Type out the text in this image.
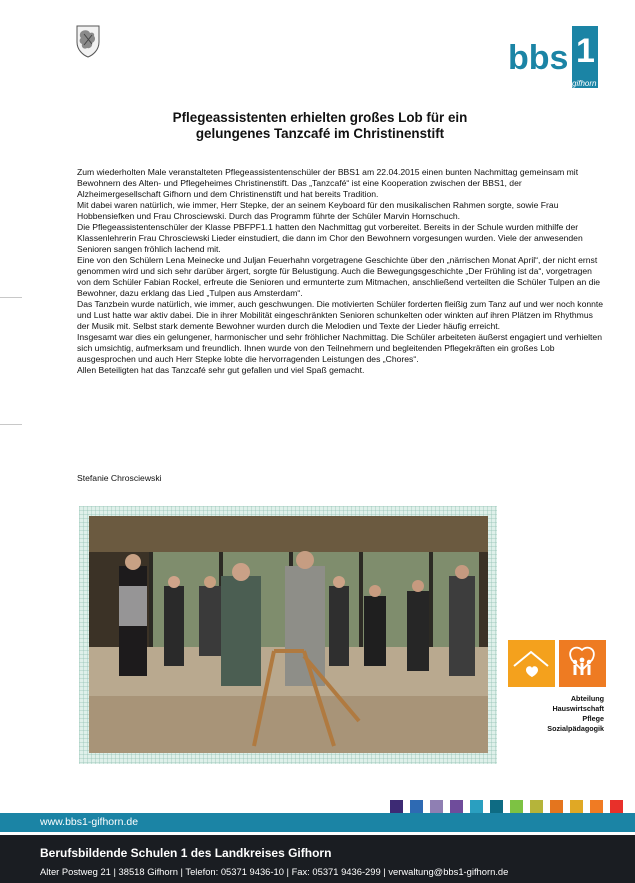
bbs 1
gifhorn
Pflegeassistenten erhielten großes Lob für ein
gelungenes Tanzcafé im Christinenstift

Zum wiederholten Male veranstalteten Pflegeassistentenschüler der BBS1 am 22.04.2015 einen bunten Nachmittag gemeinsam mit Bewohnern des Alten- und Pflegeheimes Christinenstift. Das „Tanzcafé“ ist eine Kooperation zwischen der BBS1, der Alzheimergesellschaft Gifhorn und dem Christinenstift und hat bereits Tradition.

Mit dabei waren natürlich, wie immer, Herr Stepke, der an seinem Keyboard für den musikalischen Rahmen sorgte, sowie Frau Hobbensiefken und Frau Chrosciewski. Durch das Programm führte der Schüler Marvin Hornschuch.

Die Pflegeassistentenschüler der Klasse PBFPF1.1 hatten den Nachmittag gut vorbereitet. Bereits in der Schule wurden mithilfe der Klassenlehrerin Frau Chrosciewski Lieder einstudiert, die dann im Chor den Bewohnern vorgesungen wurden. Viele der anwesenden Senioren sangen fröhlich lachend mit.

Eine von den Schülern Lena Meinecke und Juljan Feuerhahn vorgetragene Geschichte über den „närrischen Monat April“, der nicht ernst genommen wird und sich sehr darüber ärgert, sorgte für Belustigung. Auch die Bewegungsgeschichte „Der Frühling ist da“, vorgetragen von dem Schüler Fabian Rockel, erfreute die Senioren und ermunterte zum Mitmachen, anschließend verteilten die Schüler Tulpen an die Bewohner, dazu erklang das Lied „Tulpen aus Amsterdam“.

Das Tanzbein wurde natürlich, wie immer, auch geschwungen. Die motivierten Schüler forderten fleißig zum Tanz auf und wer noch konnte und Lust hatte war aktiv dabei. Die in ihrer Mobilität eingeschränkten Senioren schunkelten oder winkten auf ihren Plätzen im Rhythmus der Musik mit. Selbst stark demente Bewohner wurden durch die Melodien und Texte der Lieder häufig erreicht.

Insgesamt war dies ein gelungener, harmonischer und sehr fröhlicher Nachmittag. Die Schüler arbeiteten äußerst engagiert und verhielten sich umsichtig, aufmerksam und freundlich. Ihnen wurde von den Teilnehmern und begleitenden Pflegekräften ein großes Lob ausgesprochen und auch Herr Stepke lobte die hervorragenden Leistungen des „Chores“.

Allen Beteiligten hat das Tanzcafé sehr gut gefallen und viel Spaß gemacht.

Stefanie Chrosciewski
Abteilung
Hauswirtschaft
Pflege
Sozialpädagogik
www.bbs1-gifhorn.de
Berufsbildende Schulen 1 des Landkreises Gifhorn
Alter Postweg 21 | 38518 Gifhorn | Telefon: 05371 9436-10 | Fax: 05371 9436-299 | verwaltung@bbs1-gifhorn.de
